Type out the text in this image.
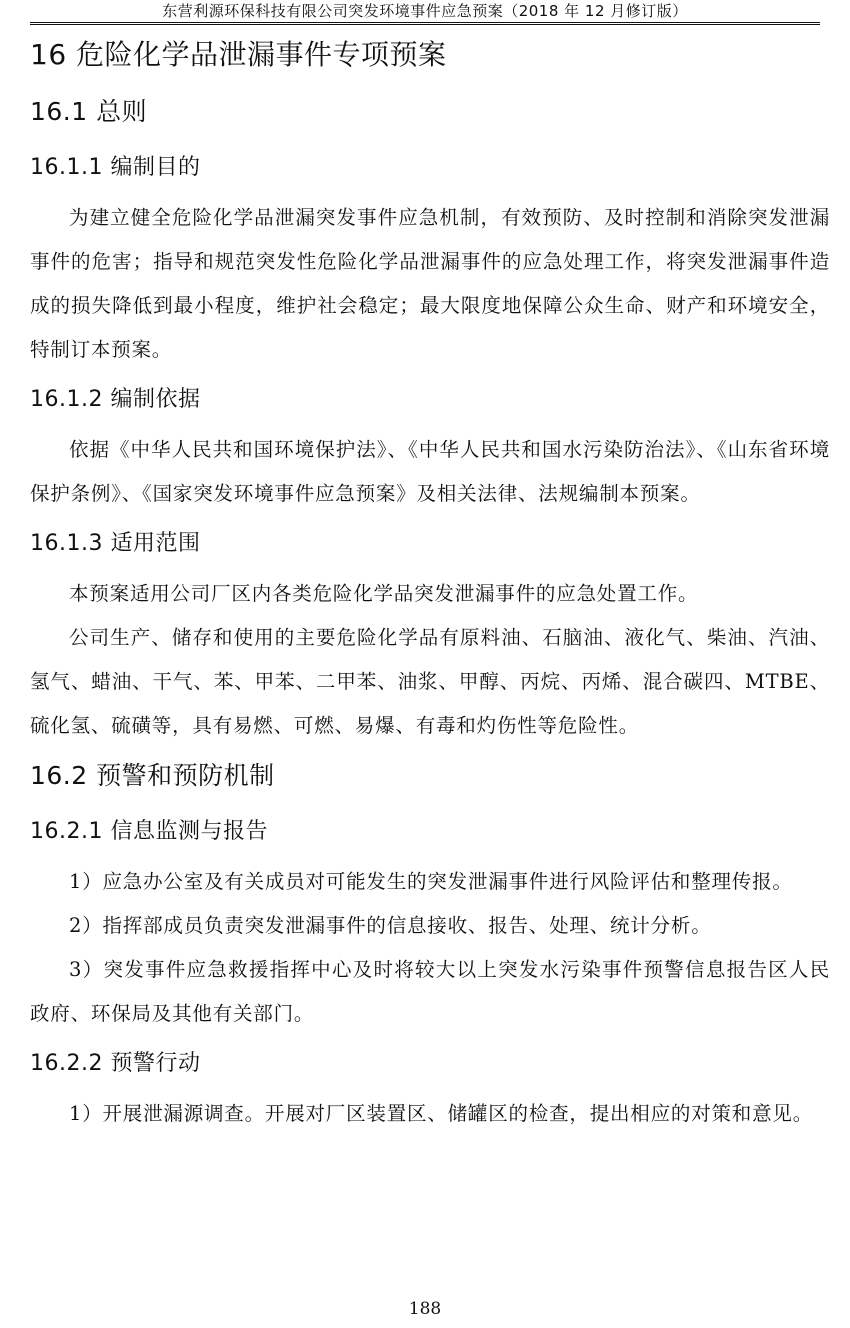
东营利源环保科技有限公司突发环境事件应急预案（2018 年 12 月修订版）
16 危险化学品泄漏事件专项预案
16.1 总则
16.1.1 编制目的

为建立健全危险化学品泄漏突发事件应急机制，有效预防、及时控制和消除突发泄漏事件的危害；指导和规范突发性危险化学品泄漏事件的应急处理工作，将突发泄漏事件造成的损失降低到最小程度，维护社会稳定；最大限度地保障公众生命、财产和环境安全，特制订本预案。

16.1.2 编制依据

依据《中华人民共和国环境保护法》、《中华人民共和国水污染防治法》、《山东省环境保护条例》、《国家突发环境事件应急预案》及相关法律、法规编制本预案。

16.1.3 适用范围

本预案适用公司厂区内各类危险化学品突发泄漏事件的应急处置工作。

公司生产、储存和使用的主要危险化学品有原料油、石脑油、液化气、柴油、汽油、氢气、蜡油、干气、苯、甲苯、二甲苯、油浆、甲醇、丙烷、丙烯、混合碳四、MTBE、硫化氢、硫磺等，具有易燃、可燃、易爆、有毒和灼伤性等危险性。

16.2 预警和预防机制
16.2.1 信息监测与报告

1）应急办公室及有关成员对可能发生的突发泄漏事件进行风险评估和整理传报。

2）指挥部成员负责突发泄漏事件的信息接收、报告、处理、统计分析。

3）突发事件应急救援指挥中心及时将较大以上突发水污染事件预警信息报告区人民政府、环保局及其他有关部门。

16.2.2 预警行动

1）开展泄漏源调查。开展对厂区装置区、储罐区的检查，提出相应的对策和意见。

188
